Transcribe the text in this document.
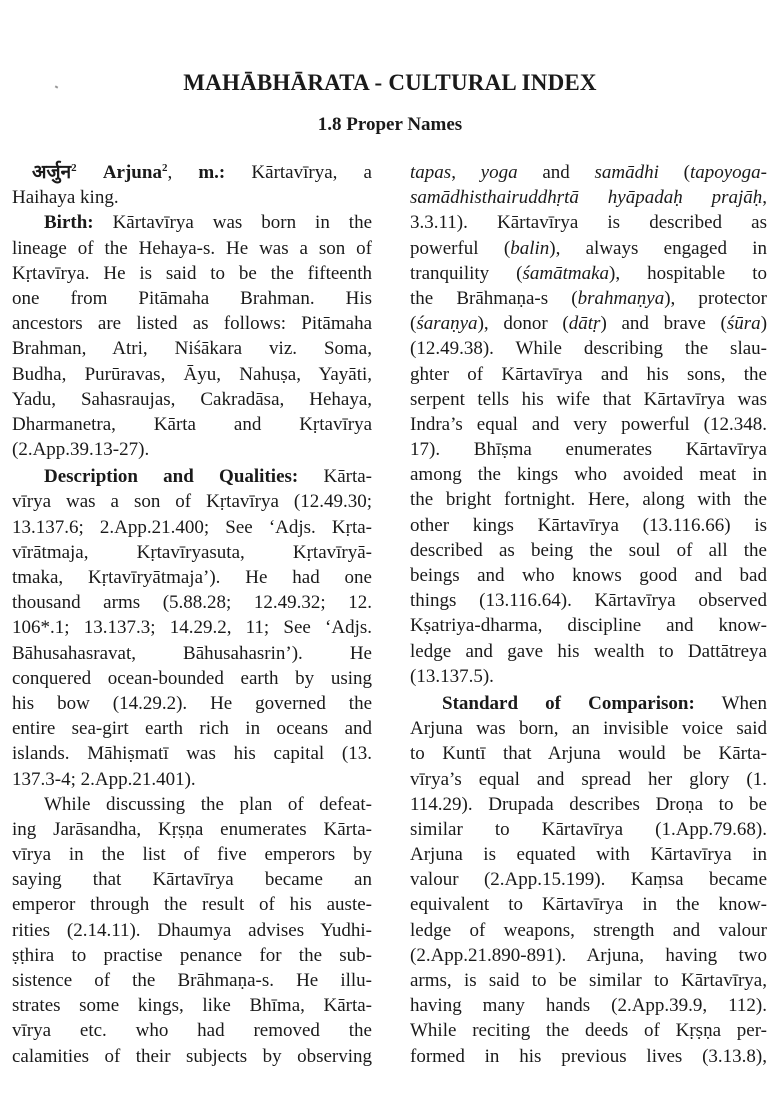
MAHĀBHĀRATA - CULTURAL INDEX
1.8 Proper Names
अर्जुन$^2$ Arjuna$^2$, m.: Kārtavīrya, a
Haihaya king.
Birth: Kārtavīrya was born in the
lineage of the Hehaya-s. He was a son of
Kṛtavīrya. He is said to be the fifteenth
one from Pitāmaha Brahman. His
ancestors are listed as follows: Pitāmaha
Brahman, Atri, Niśākara viz. Soma,
Budha, Purūravas, Āyu, Nahuṣa, Yayāti,
Yadu, Sahasraujas, Cakradāsa, Hehaya,
Dharmanetra, Kārta and Kṛtavīrya
(2.App.39.13-27).
Description and Qualities: Kārta-
vīrya was a son of Kṛtavīrya (12.49.30;
13.137.6; 2.App.21.400; See ‘Adjs. Kṛta-
vīrātmaja, Kṛtavīryasuta, Kṛtavīryā-
tmaka, Kṛtavīryātmaja’). He had one
thousand arms (5.88.28; 12.49.32; 12.
106*.1; 13.137.3; 14.29.2, 11; See ‘Adjs.
Bāhusahasravat, Bāhusahasrin’). He
conquered ocean-bounded earth by using
his bow (14.29.2). He governed the
entire sea-girt earth rich in oceans and
islands. Māhiṣmatī was his capital (13.
137.3-4; 2.App.21.401).
While discussing the plan of defeat-
ing Jarāsandha, Kṛṣṇa enumerates Kārta-
vīrya in the list of five emperors by
saying that Kārtavīrya became an
emperor through the result of his auste-
rities (2.14.11). Dhaumya advises Yudhi-
ṣṭhira to practise penance for the sub-
sistence of the Brāhmaṇa-s. He illu-
strates some kings, like Bhīma, Kārta-
vīrya etc. who had removed the
calamities of their subjects by observing
tapas, yoga and samādhi (tapoyoga-
samādhisthairuddhṛtā hyāpadaḥ prajāḥ,
3.3.11). Kārtavīrya is described as
powerful (balin), always engaged in
tranquility (śamātmaka), hospitable to
the Brāhmaṇa-s (brahmaṇya), protector
(śaraṇya), donor (dātṛ) and brave (śūra)
(12.49.38). While describing the slau-
ghter of Kārtavīrya and his sons, the
serpent tells his wife that Kārtavīrya was
Indra’s equal and very powerful (12.348.
17). Bhīṣma enumerates Kārtavīrya
among the kings who avoided meat in
the bright fortnight. Here, along with the
other kings Kārtavīrya (13.116.66) is
described as being the soul of all the
beings and who knows good and bad
things (13.116.64). Kārtavīrya observed
Kṣatriya-dharma, discipline and know-
ledge and gave his wealth to Dattātreya
(13.137.5).
Standard of Comparison: When
Arjuna was born, an invisible voice said
to Kuntī that Arjuna would be Kārta-
vīrya’s equal and spread her glory (1.
114.29). Drupada describes Droṇa to be
similar to Kārtavīrya (1.App.79.68).
Arjuna is equated with Kārtavīrya in
valour (2.App.15.199). Kaṃsa became
equivalent to Kārtavīrya in the know-
ledge of weapons, strength and valour
(2.App.21.890-891). Arjuna, having two
arms, is said to be similar to Kārtavīrya,
having many hands (2.App.39.9, 112).
While reciting the deeds of Kṛṣṇa per-
formed in his previous lives (3.13.8),
